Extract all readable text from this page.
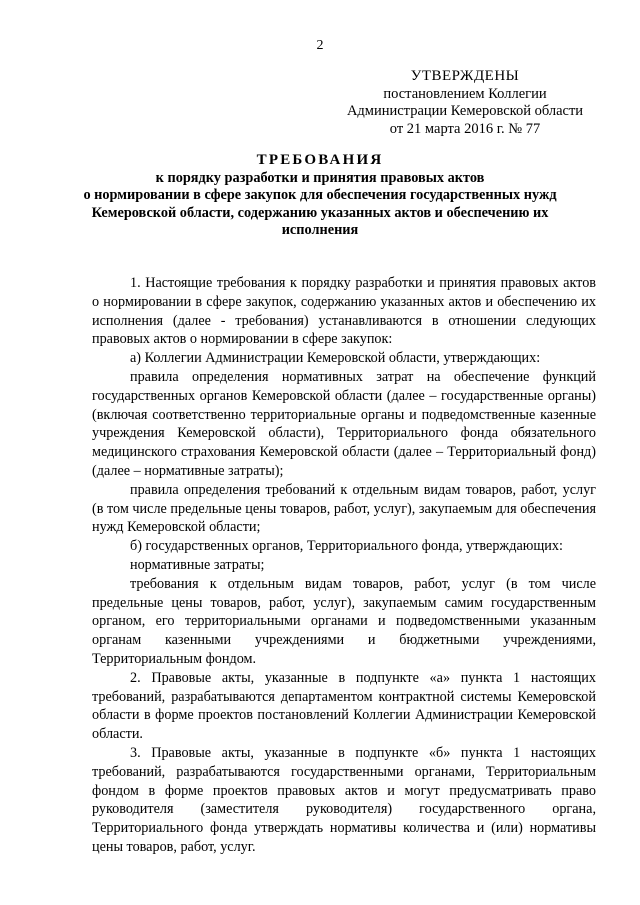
2
УТВЕРЖДЕНЫ
постановлением Коллегии
Администрации Кемеровской области
от 21 марта 2016 г. № 77
ТРЕБОВАНИЯ
к порядку разработки и принятия правовых актов
о нормировании в сфере закупок для обеспечения государственных нужд
Кемеровской области, содержанию указанных актов и обеспечению их
исполнения

1. Настоящие требования к порядку разработки и принятия правовых актов о нормировании в сфере закупок, содержанию указанных актов и обеспечению их исполнения (далее - требования) устанавливаются в отношении следующих правовых актов о нормировании в сфере закупок:

а) Коллегии Администрации Кемеровской области, утверждающих:

правила определения нормативных затрат на обеспечение функций государственных органов Кемеровской области (далее – государственные органы) (включая соответственно территориальные органы и подведомственные казенные учреждения Кемеровской области), Территориального фонда обязательного медицинского страхования Кемеровской области (далее – Территориальный фонд) (далее – нормативные затраты);

правила определения требований к отдельным видам товаров, работ, услуг (в том числе предельные цены товаров, работ, услуг), закупаемым для обеспечения нужд Кемеровской области;

б) государственных органов, Территориального фонда, утверждающих:

нормативные затраты;

требования к отдельным видам товаров, работ, услуг (в том числе предельные цены товаров, работ, услуг), закупаемым самим государственным органом, его территориальными органами и подведомственными указанным органам казенными учреждениями и бюджетными учреждениями, Территориальным фондом.

2. Правовые акты, указанные в подпункте «а» пункта 1 настоящих требований, разрабатываются департаментом контрактной системы Кемеровской области в форме проектов постановлений Коллегии Администрации Кемеровской области.

3. Правовые акты, указанные в подпункте «б» пункта 1 настоящих требований, разрабатываются государственными органами, Территориальным фондом в форме проектов правовых актов и могут предусматривать право руководителя (заместителя руководителя) государственного органа, Территориального фонда утверждать нормативы количества и (или) нормативы цены товаров, работ, услуг.
